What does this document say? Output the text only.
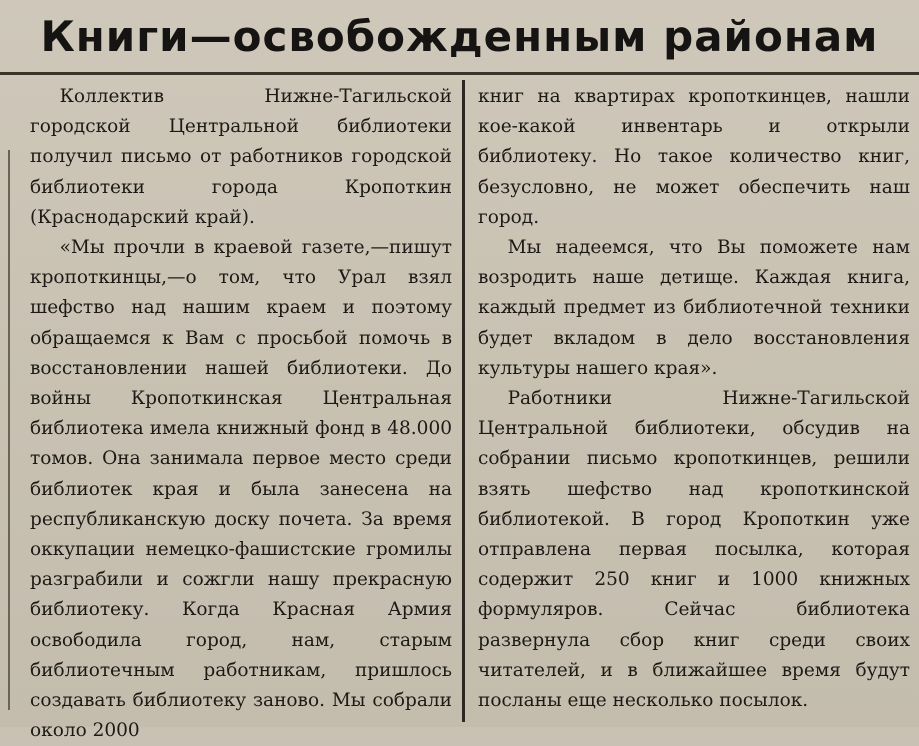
Книги—освобожденным районам

Коллектив Нижне-Тагильской городской Центральной библиотеки получил письмо от работников городской библиотеки города Кропоткин (Краснодарский край).

«Мы прочли в краевой газете,—пишут кропоткинцы,—о том, что Урал взял шефство над нашим краем и поэтому обращаемся к Вам с просьбой помочь в восстановлении нашей библиотеки. До войны Кропоткинская Центральная библиотека имела книжный фонд в 48.000 томов. Она занимала первое место среди библиотек края и была занесена на республиканскую доску почета. За время оккупации немецко-фашистские громилы разграбили и сожгли нашу прекрасную библиотеку. Когда Красная Армия освободила город, нам, старым библиотечным работникам, пришлось создавать библиотеку заново. Мы собрали около 2000

книг на квартирах кропоткинцев, нашли кое-какой инвентарь и открыли библиотеку. Но такое количество книг, безусловно, не может обеспечить наш город.

Мы надеемся, что Вы поможете нам возродить наше детище. Каждая книга, каждый предмет из библиотечной техники будет вкладом в дело восстановления культуры нашего края».

Работники Нижне-Тагильской Центральной библиотеки, обсудив на собрании письмо кропоткинцев, решили взять шефство над кропоткинской библиотекой. В город Кропоткин уже отправлена первая посылка, которая содержит 250 книг и 1000 книжных формуляров. Сейчас библиотека развернула сбор книг среди своих читателей, и в ближайшее время будут посланы еще несколько посылок.
